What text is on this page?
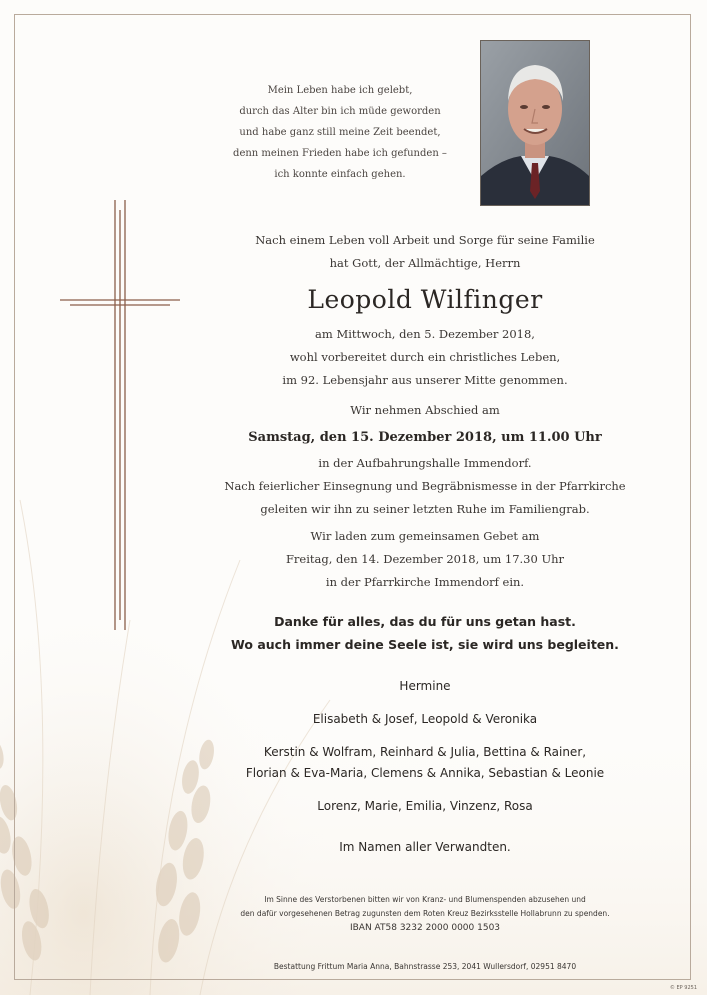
Mein Leben habe ich gelebt,
durch das Alter bin ich müde geworden
und habe ganz still meine Zeit beendet,
denn meinen Frieden habe ich gefunden –
ich konnte einfach gehen.
Nach einem Leben voll Arbeit und Sorge für seine Familie
hat Gott, der Allmächtige, Herrn
Leopold Wilfinger
am Mittwoch, den 5. Dezember 2018,
wohl vorbereitet durch ein christliches Leben,
im 92. Lebensjahr aus unserer Mitte genommen.
Wir nehmen Abschied am
Samstag, den 15. Dezember 2018, um 11.00 Uhr
in der Aufbahrungshalle Immendorf.
Nach feierlicher Einsegnung und Begräbnismesse in der Pfarrkirche
geleiten wir ihn zu seiner letzten Ruhe im Familiengrab.
Wir laden zum gemeinsamen Gebet am
Freitag, den 14. Dezember 2018, um 17.30 Uhr
in der Pfarrkirche Immendorf ein.
Danke für alles, das du für uns getan hast.
Wo auch immer deine Seele ist, sie wird uns begleiten.
Hermine
Elisabeth & Josef, Leopold & Veronika
Kerstin & Wolfram, Reinhard & Julia, Bettina & Rainer,
Florian & Eva-Maria, Clemens & Annika, Sebastian & Leonie
Lorenz, Marie, Emilia, Vinzenz, Rosa
Im Namen aller Verwandten.
Im Sinne des Verstorbenen bitten wir von Kranz- und Blumenspenden abzusehen und
den dafür vorgesehenen Betrag zugunsten dem Roten Kreuz Bezirksstelle Hollabrunn zu spenden.
IBAN AT58 3232 2000 0000 1503
Bestattung Frittum Maria Anna, Bahnstrasse 253, 2041 Wullersdorf, 02951 8470
© EP 9251
